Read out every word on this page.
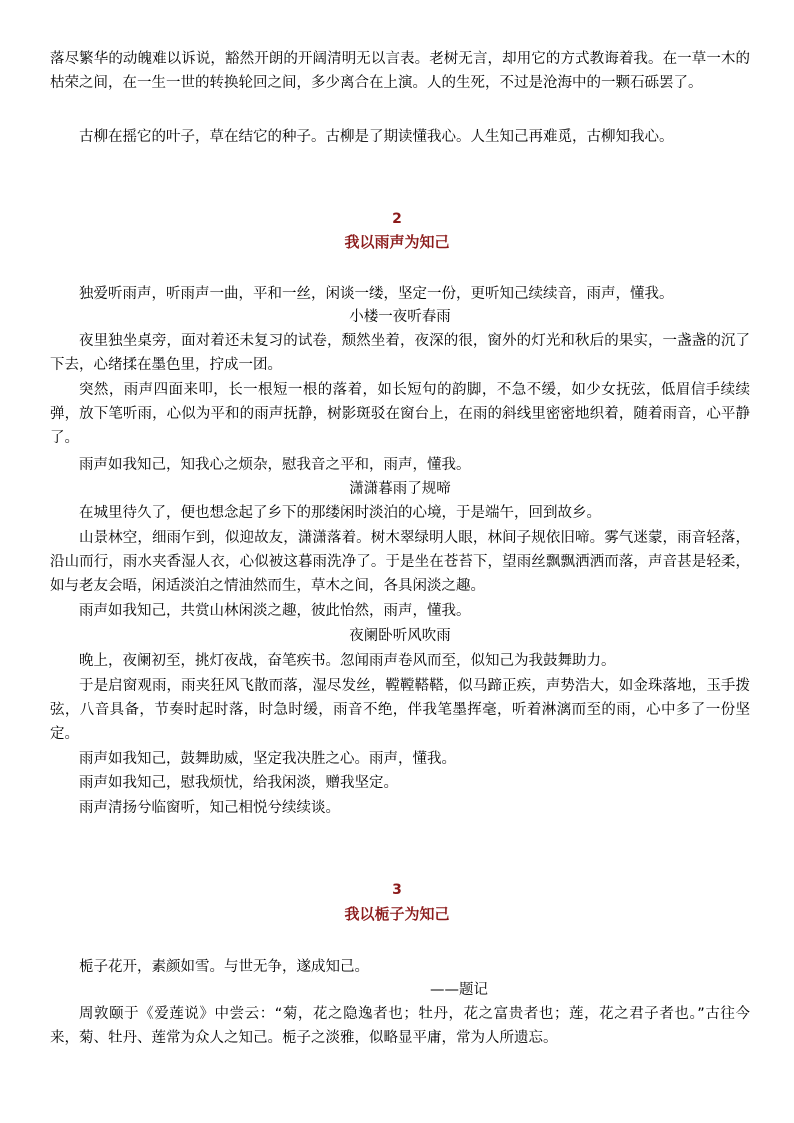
落尽繁华的动魄难以诉说，豁然开朗的开阔清明无以言表。老树无言，却用它的方式教诲着我。在一草一木的枯荣之间，在一生一世的转换轮回之间，多少离合在上演。人的生死，不过是沧海中的一颗石砾罢了。

古柳在摇它的叶子，草在结它的种子。古柳是了期读懂我心。人生知己再难觅，古柳知我心。

2
我以雨声为知己

独爱听雨声，听雨声一曲，平和一丝，闲谈一缕，坚定一份，更听知己续续音，雨声，懂我。

小楼一夜听春雨

夜里独坐桌旁，面对着还未复习的试卷，颓然坐着，夜深的很，窗外的灯光和秋后的果实，一盏盏的沉了下去，心绪揉在墨色里，拧成一团。

突然，雨声四面来叩，长一根短一根的落着，如长短句的韵脚，不急不缓，如少女抚弦，低眉信手续续弹，放下笔听雨，心似为平和的雨声抚静，树影斑驳在窗台上，在雨的斜线里密密地织着，随着雨音，心平静了。

雨声如我知己，知我心之烦杂，慰我音之平和，雨声，懂我。

潇潇暮雨了规啼

在城里待久了，便也想念起了乡下的那缕闲时淡泊的心境，于是端午，回到故乡。

山景林空，细雨乍到，似迎故友，潇潇落着。树木翠绿明人眼，林间子规依旧啼。雾气迷蒙，雨音轻落，沿山而行，雨水夹香湿人衣，心似被这暮雨洗净了。于是坐在苍苔下，望雨丝飘飘洒洒而落，声音甚是轻柔，如与老友会晤，闲适淡泊之情油然而生，草木之间，各具闲淡之趣。

雨声如我知己，共赏山林闲淡之趣，彼此怡然，雨声，懂我。

夜阑卧听风吹雨

晚上，夜阑初至，挑灯夜战，奋笔疾书。忽闻雨声卷风而至，似知己为我鼓舞助力。

于是启窗观雨，雨夹狂风飞散而落，湿尽发丝，鞺鞺鞳鞳，似马蹄正疾，声势浩大，如金珠落地，玉手拨弦，八音具备，节奏时起时落，时急时缓，雨音不绝，伴我笔墨挥毫，听着淋漓而至的雨，心中多了一份坚定。

雨声如我知己，鼓舞助威，坚定我决胜之心。雨声，懂我。

雨声如我知己，慰我烦忧，给我闲淡，赠我坚定。

雨声清扬兮临窗听，知己相悦兮续续谈。

3
我以栀子为知己

栀子花开，素颜如雪。与世无争，遂成知己。

——题记

周敦颐于《爱莲说》中尝云：“菊，花之隐逸者也；牡丹，花之富贵者也；莲，花之君子者也。”古往今来，菊、牡丹、莲常为众人之知己。栀子之淡雅，似略显平庸，常为人所遗忘。
